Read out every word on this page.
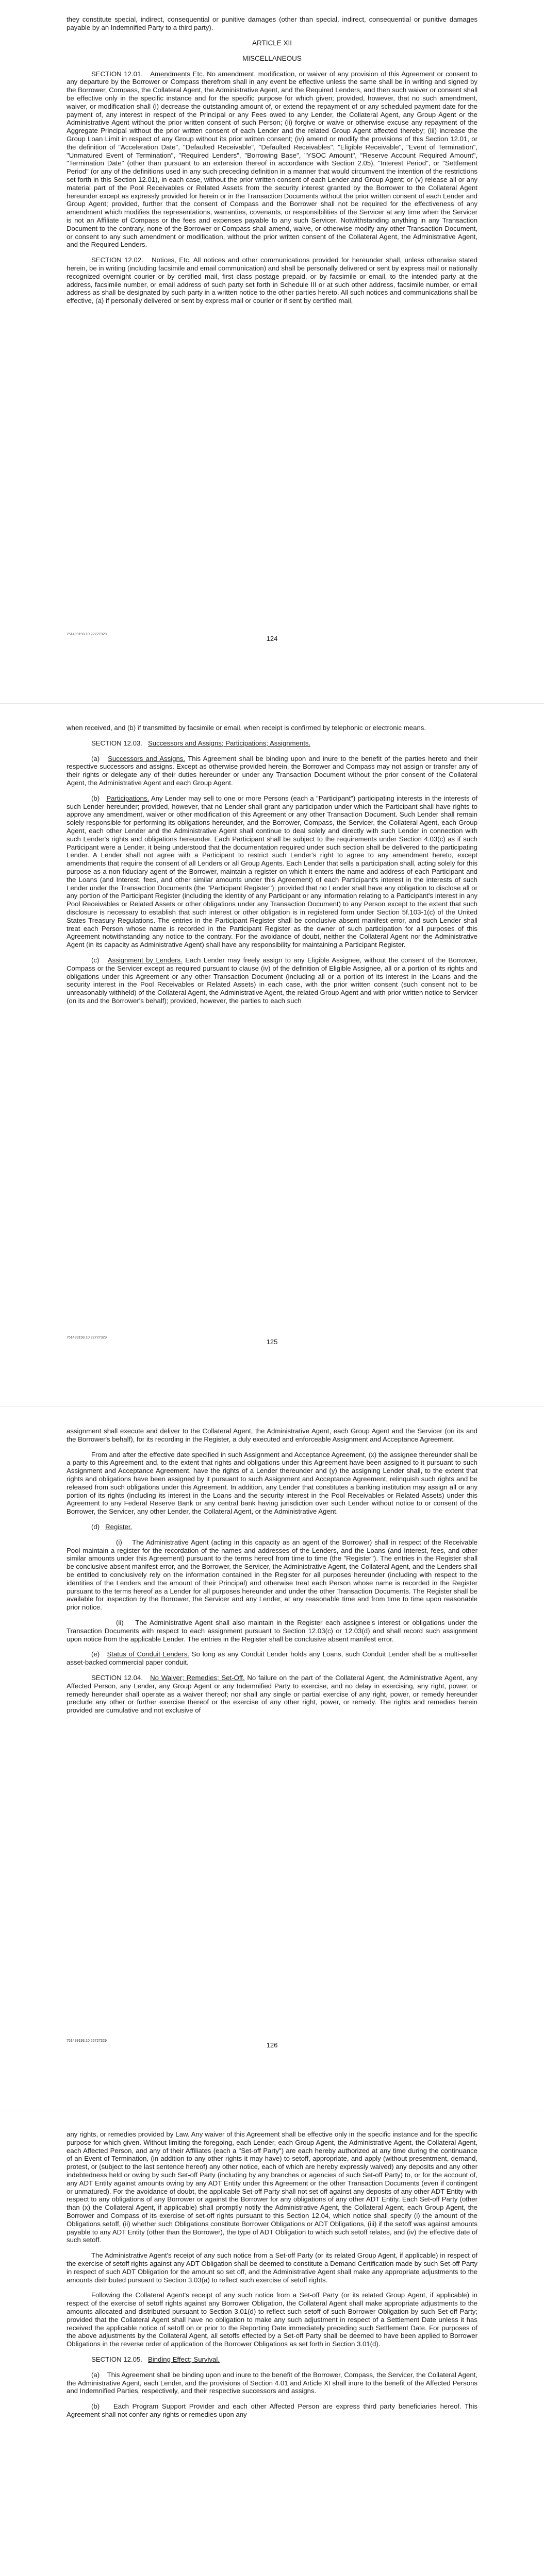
they constitute special, indirect, consequential or punitive damages (other than special, indirect, consequential or punitive damages payable by an Indemnified Party to a third party).

ARTICLE XII
MISCELLANEOUS

SECTION 12.01. Amendments Etc. No amendment, modification, or waiver of any provision of this Agreement or consent to any departure by the Borrower or Compass therefrom shall in any event be effective unless the same shall be in writing and signed by the Borrower, Compass, the Collateral Agent, the Administrative Agent, and the Required Lenders, and then such waiver or consent shall be effective only in the specific instance and for the specific purpose for which given; provided, however, that no such amendment, waiver, or modification shall (i) decrease the outstanding amount of, or extend the repayment of or any scheduled payment date for the payment of, any interest in respect of the Principal or any Fees owed to any Lender, the Collateral Agent, any Group Agent or the Administrative Agent without the prior written consent of such Person; (ii) forgive or waive or otherwise excuse any repayment of the Aggregate Principal without the prior written consent of each Lender and the related Group Agent affected thereby; (iii) increase the Group Loan Limit in respect of any Group without its prior written consent; (iv) amend or modify the provisions of this Section 12.01, or the definition of "Acceleration Date", "Defaulted Receivable", "Defaulted Receivables", "Eligible Receivable", "Event of Termination", "Unmatured Event of Termination", "Required Lenders", "Borrowing Base", "YSOC Amount", "Reserve Account Required Amount", "Termination Date" (other than pursuant to an extension thereof in accordance with Section 2.05), "Interest Period", or "Settlement Period" (or any of the definitions used in any such preceding definition in a manner that would circumvent the intention of the restrictions set forth in this Section 12.01), in each case, without the prior written consent of each Lender and Group Agent; or (v) release all or any material part of the Pool Receivables or Related Assets from the security interest granted by the Borrower to the Collateral Agent hereunder except as expressly provided for herein or in the Transaction Documents without the prior written consent of each Lender and Group Agent; provided, further that the consent of Compass and the Borrower shall not be required for the effectiveness of any amendment which modifies the representations, warranties, covenants, or responsibilities of the Servicer at any time when the Servicer is not an Affiliate of Compass or the fees and expenses payable to any such Servicer. Notwithstanding anything in any Transaction Document to the contrary, none of the Borrower or Compass shall amend, waive, or otherwise modify any other Transaction Document, or consent to any such amendment or modification, without the prior written consent of the Collateral Agent, the Administrative Agent, and the Required Lenders.

SECTION 12.02. Notices, Etc. All notices and other communications provided for hereunder shall, unless otherwise stated herein, be in writing (including facsimile and email communication) and shall be personally delivered or sent by express mail or nationally recognized overnight courier or by certified mail, first class postage prepaid, or by facsimile or email, to the intended party at the address, facsimile number, or email address of such party set forth in Schedule III or at such other address, facsimile number, or email address as shall be designated by such party in a written notice to the other parties hereto. All such notices and communications shall be effective, (a) if personally delivered or sent by express mail or courier or if sent by certified mail,

751499193.10 22727329
124

when received, and (b) if transmitted by facsimile or email, when receipt is confirmed by telephonic or electronic means.

SECTION 12.03. Successors and Assigns; Participations; Assignments.

(a) Successors and Assigns. This Agreement shall be binding upon and inure to the benefit of the parties hereto and their respective successors and assigns. Except as otherwise provided herein, the Borrower and Compass may not assign or transfer any of their rights or delegate any of their duties hereunder or under any Transaction Document without the prior consent of the Collateral Agent, the Administrative Agent and each Group Agent.

(b) Participations. Any Lender may sell to one or more Persons (each a "Participant") participating interests in the interests of such Lender hereunder; provided, however, that no Lender shall grant any participation under which the Participant shall have rights to approve any amendment, waiver or other modification of this Agreement or any other Transaction Document. Such Lender shall remain solely responsible for performing its obligations hereunder, and the Borrower, Compass, the Servicer, the Collateral Agent, each Group Agent, each other Lender and the Administrative Agent shall continue to deal solely and directly with such Lender in connection with such Lender's rights and obligations hereunder. Each Participant shall be subject to the requirements under Section 4.03(c) as if such Participant were a Lender, it being understood that the documentation required under such section shall be delivered to the participating Lender. A Lender shall not agree with a Participant to restrict such Lender's right to agree to any amendment hereto, except amendments that require the consent of all Lenders or all Group Agents. Each Lender that sells a participation shall, acting solely for this purpose as a non-fiduciary agent of the Borrower, maintain a register on which it enters the name and address of each Participant and the Loans (and Interest, fees, and other similar amounts under this Agreement) of each Participant's interest in the interests of such Lender under the Transaction Documents (the "Participant Register"); provided that no Lender shall have any obligation to disclose all or any portion of the Participant Register (including the identity of any Participant or any information relating to a Participant's interest in any Pool Receivables or Related Assets or other obligations under any Transaction Document) to any Person except to the extent that such disclosure is necessary to establish that such interest or other obligation is in registered form under Section 5f.103-1(c) of the United States Treasury Regulations. The entries in the Participant Register shall be conclusive absent manifest error, and such Lender shall treat each Person whose name is recorded in the Participant Register as the owner of such participation for all purposes of this Agreement notwithstanding any notice to the contrary. For the avoidance of doubt, neither the Collateral Agent nor the Administrative Agent (in its capacity as Administrative Agent) shall have any responsibility for maintaining a Participant Register.

(c) Assignment by Lenders. Each Lender may freely assign to any Eligible Assignee, without the consent of the Borrower, Compass or the Servicer except as required pursuant to clause (iv) of the definition of Eligible Assignee, all or a portion of its rights and obligations under this Agreement or any other Transaction Document (including all or a portion of its interest in the Loans and the security interest in the Pool Receivables or Related Assets) in each case, with the prior written consent (such consent not to be unreasonably withheld) of the Collateral Agent, the Administrative Agent, the related Group Agent and with prior written notice to Servicer (on its and the Borrower's behalf); provided, however, the parties to each such

751499193.10 22727329
125

assignment shall execute and deliver to the Collateral Agent, the Administrative Agent, each Group Agent and the Servicer (on its and the Borrower's behalf), for its recording in the Register, a duly executed and enforceable Assignment and Acceptance Agreement.

From and after the effective date specified in such Assignment and Acceptance Agreement, (x) the assignee thereunder shall be a party to this Agreement and, to the extent that rights and obligations under this Agreement have been assigned to it pursuant to such Assignment and Acceptance Agreement, have the rights of a Lender thereunder and (y) the assigning Lender shall, to the extent that rights and obligations have been assigned by it pursuant to such Assignment and Acceptance Agreement, relinquish such rights and be released from such obligations under this Agreement. In addition, any Lender that constitutes a banking institution may assign all or any portion of its rights (including its interest in the Loans and the security interest in the Pool Receivables or Related Assets) under this Agreement to any Federal Reserve Bank or any central bank having jurisdiction over such Lender without notice to or consent of the Borrower, the Servicer, any other Lender, the Collateral Agent, or the Administrative Agent.

(d) Register.

(i)    The Administrative Agent (acting in this capacity as an agent of the Borrower) shall in respect of the Receivable Pool maintain a register for the recordation of the names and addresses of the Lenders, and the Loans (and Interest, fees, and other similar amounts under this Agreement) pursuant to the terms hereof from time to time (the "Register"). The entries in the Register shall be conclusive absent manifest error, and the Borrower, the Servicer, the Administrative Agent, the Collateral Agent, and the Lenders shall be entitled to conclusively rely on the information contained in the Register for all purposes hereunder (including with respect to the identities of the Lenders and the amount of their Principal) and otherwise treat each Person whose name is recorded in the Register pursuant to the terms hereof as a Lender for all purposes hereunder and under the other Transaction Documents. The Register shall be available for inspection by the Borrower, the Servicer and any Lender, at any reasonable time and from time to time upon reasonable prior notice.

(ii)    The Administrative Agent shall also maintain in the Register each assignee's interest or obligations under the Transaction Documents with respect to each assignment pursuant to Section 12.03(c) or 12.03(d) and shall record such assignment upon notice from the applicable Lender. The entries in the Register shall be conclusive absent manifest error.

(e) Status of Conduit Lenders. So long as any Conduit Lender holds any Loans, such Conduit Lender shall be a multi-seller asset-backed commercial paper conduit.

SECTION 12.04. No Waiver; Remedies; Set-Off. No failure on the part of the Collateral Agent, the Administrative Agent, any Affected Person, any Lender, any Group Agent or any Indemnified Party to exercise, and no delay in exercising, any right, power, or remedy hereunder shall operate as a waiver thereof; nor shall any single or partial exercise of any right, power, or remedy hereunder preclude any other or further exercise thereof or the exercise of any other right, power, or remedy. The rights and remedies herein provided are cumulative and not exclusive of

751499193.10 22727329
126

any rights, or remedies provided by Law. Any waiver of this Agreement shall be effective only in the specific instance and for the specific purpose for which given. Without limiting the foregoing, each Lender, each Group Agent, the Administrative Agent, the Collateral Agent, each Affected Person, and any of their Affiliates (each a "Set-off Party") are each hereby authorized at any time during the continuance of an Event of Termination, (in addition to any other rights it may have) to setoff, appropriate, and apply (without presentment, demand, protest, or (subject to the last sentence hereof) any other notice, each of which are hereby expressly waived) any deposits and any other indebtedness held or owing by such Set-off Party (including by any branches or agencies of such Set-off Party) to, or for the account of, any ADT Entity against amounts owing by any ADT Entity under this Agreement or the other Transaction Documents (even if contingent or unmatured). For the avoidance of doubt, the applicable Set-off Party shall not set off against any deposits of any other ADT Entity with respect to any obligations of any Borrower or against the Borrower for any obligations of any other ADT Entity. Each Set-off Party (other than (x) the Collateral Agent, if applicable) shall promptly notify the Administrative Agent, the Collateral Agent, each Group Agent, the Borrower and Compass of its exercise of set-off rights pursuant to this Section 12.04, which notice shall specify (i) the amount of the Obligations setoff, (ii) whether such Obligations constitute Borrower Obligations or ADT Obligations, (iii) if the setoff was against amounts payable to any ADT Entity (other than the Borrower), the type of ADT Obligation to which such setoff relates, and (iv) the effective date of such setoff.

The Administrative Agent's receipt of any such notice from a Set-off Party (or its related Group Agent, if applicable) in respect of the exercise of setoff rights against any ADT Obligation shall be deemed to constitute a Demand Certification made by such Set-off Party in respect of such ADT Obligation for the amount so set off, and the Administrative Agent shall make any appropriate adjustments to the amounts distributed pursuant to Section 3.03(a) to reflect such exercise of setoff rights.

Following the Collateral Agent's receipt of any such notice from a Set-off Party (or its related Group Agent, if applicable) in respect of the exercise of setoff rights against any Borrower Obligation, the Collateral Agent shall make appropriate adjustments to the amounts allocated and distributed pursuant to Section 3.01(d) to reflect such setoff of such Borrower Obligation by such Set-off Party; provided that the Collateral Agent shall have no obligation to make any such adjustment in respect of a Settlement Date unless it has received the applicable notice of setoff on or prior to the Reporting Date immediately preceding such Settlement Date. For purposes of the above adjustments by the Collateral Agent, all setoffs effected by a Set-off Party shall be deemed to have been applied to Borrower Obligations in the reverse order of application of the Borrower Obligations as set forth in Section 3.01(d).

SECTION 12.05. Binding Effect; Survival.

(a)    This Agreement shall be binding upon and inure to the benefit of the Borrower, Compass, the Servicer, the Collateral Agent, the Administrative Agent, each Lender, and the provisions of Section 4.01 and Article XI shall inure to the benefit of the Affected Persons and Indemnified Parties, respectively, and their respective successors and assigns.

(b)    Each Program Support Provider and each other Affected Person are express third party beneficiaries hereof. This Agreement shall not confer any rights or remedies upon any
